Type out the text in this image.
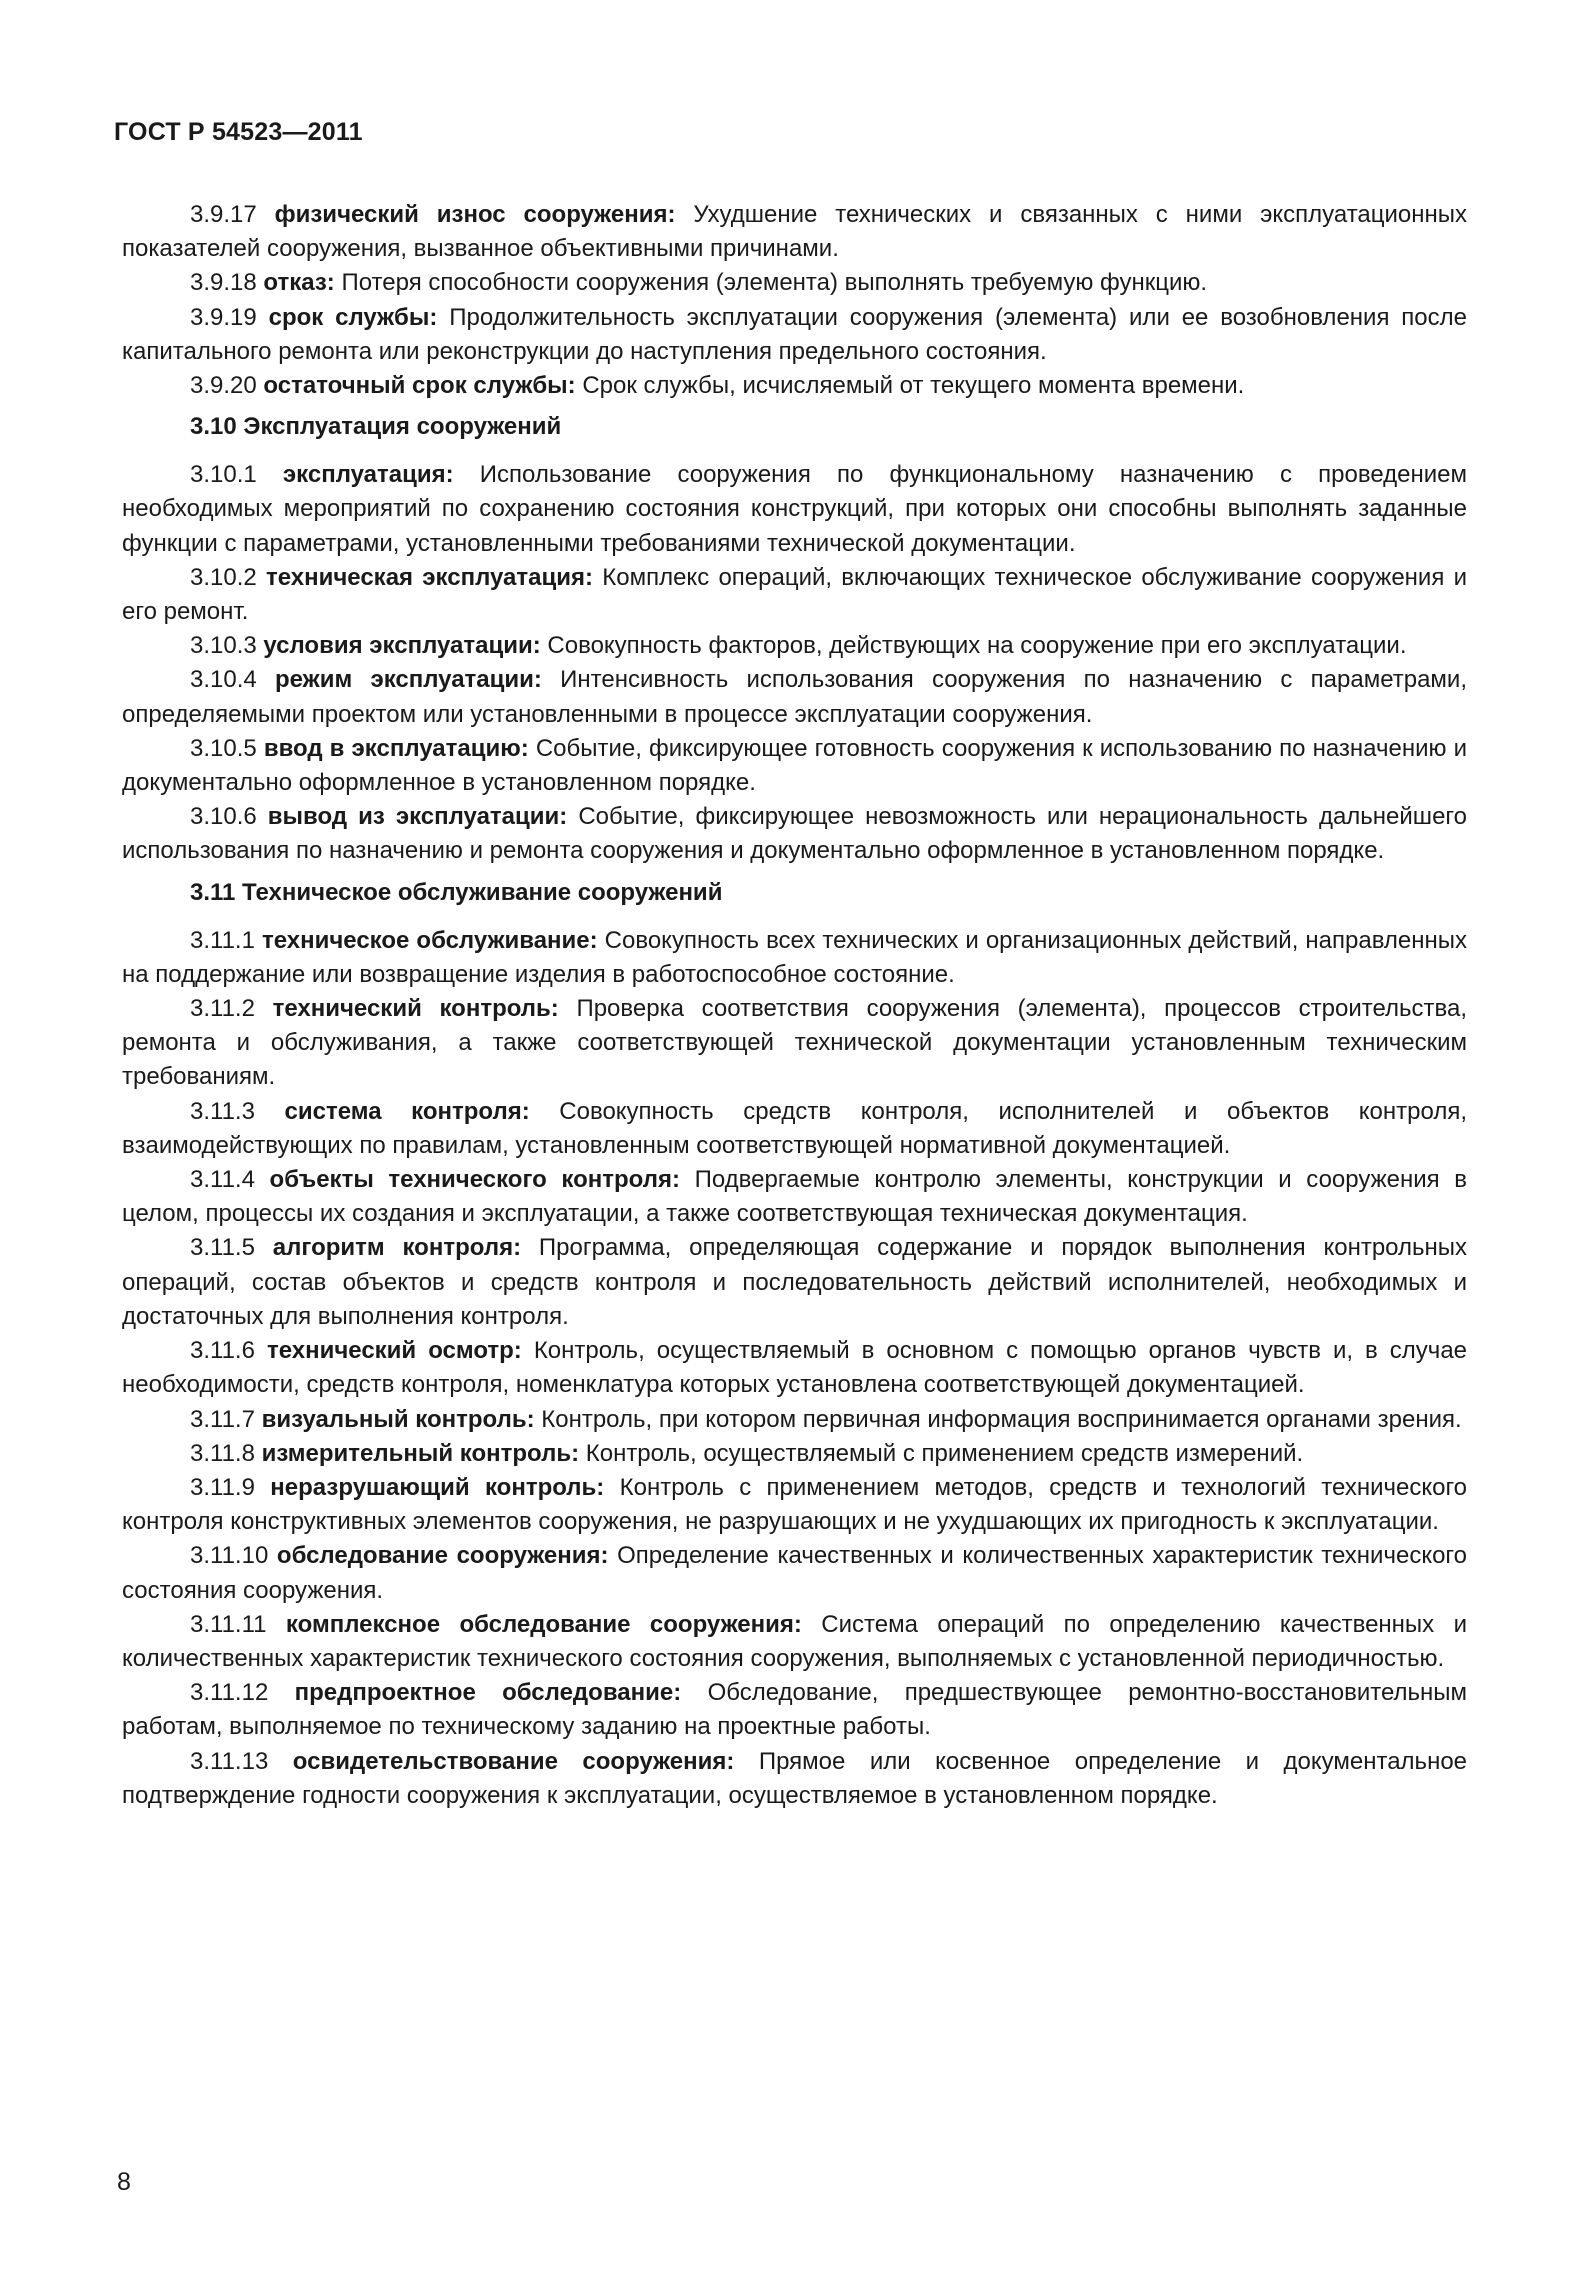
ГОСТ Р 54523—2011

3.9.17 физический износ сооружения: Ухудшение технических и связанных с ними эксплуатационных показателей сооружения, вызванное объективными причинами.

3.9.18 отказ: Потеря способности сооружения (элемента) выполнять требуемую функцию.

3.9.19 срок службы: Продолжительность эксплуатации сооружения (элемента) или ее возобновления после капитального ремонта или реконструкции до наступления предельного состояния.

3.9.20 остаточный срок службы: Срок службы, исчисляемый от текущего момента времени.

3.10 Эксплуатация сооружений

3.10.1 эксплуатация: Использование сооружения по функциональному назначению с проведением необходимых мероприятий по сохранению состояния конструкций, при которых они способны выполнять заданные функции с параметрами, установленными требованиями технической документации.

3.10.2 техническая эксплуатация: Комплекс операций, включающих техническое обслуживание сооружения и его ремонт.

3.10.3 условия эксплуатации: Совокупность факторов, действующих на сооружение при его эксплуатации.

3.10.4 режим эксплуатации: Интенсивность использования сооружения по назначению с параметрами, определяемыми проектом или установленными в процессе эксплуатации сооружения.

3.10.5 ввод в эксплуатацию: Событие, фиксирующее готовность сооружения к использованию по назначению и документально оформленное в установленном порядке.

3.10.6 вывод из эксплуатации: Событие, фиксирующее невозможность или нерациональность дальнейшего использования по назначению и ремонта сооружения и документально оформленное в установленном порядке.

3.11 Техническое обслуживание сооружений

3.11.1 техническое обслуживание: Совокупность всех технических и организационных действий, направленных на поддержание или возвращение изделия в работоспособное состояние.

3.11.2 технический контроль: Проверка соответствия сооружения (элемента), процессов строительства, ремонта и обслуживания, а также соответствующей технической документации установленным техническим требованиям.

3.11.3 система контроля: Совокупность средств контроля, исполнителей и объектов контроля, взаимодействующих по правилам, установленным соответствующей нормативной документацией.

3.11.4 объекты технического контроля: Подвергаемые контролю элементы, конструкции и сооружения в целом, процессы их создания и эксплуатации, а также соответствующая техническая документация.

3.11.5 алгоритм контроля: Программа, определяющая содержание и порядок выполнения контрольных операций, состав объектов и средств контроля и последовательность действий исполнителей, необходимых и достаточных для выполнения контроля.

3.11.6 технический осмотр: Контроль, осуществляемый в основном с помощью органов чувств и, в случае необходимости, средств контроля, номенклатура которых установлена соответствующей документацией.

3.11.7 визуальный контроль: Контроль, при котором первичная информация воспринимается органами зрения.

3.11.8 измерительный контроль: Контроль, осуществляемый с применением средств измерений.

3.11.9 неразрушающий контроль: Контроль с применением методов, средств и технологий технического контроля конструктивных элементов сооружения, не разрушающих и не ухудшающих их пригодность к эксплуатации.

3.11.10 обследование сооружения: Определение качественных и количественных характеристик технического состояния сооружения.

3.11.11 комплексное обследование сооружения: Система операций по определению качественных и количественных характеристик технического состояния сооружения, выполняемых с установленной периодичностью.

3.11.12 предпроектное обследование: Обследование, предшествующее ремонтно-восстановительным работам, выполняемое по техническому заданию на проектные работы.

3.11.13 освидетельствование сооружения: Прямое или косвенное определение и документальное подтверждение годности сооружения к эксплуатации, осуществляемое в установленном порядке.

8
